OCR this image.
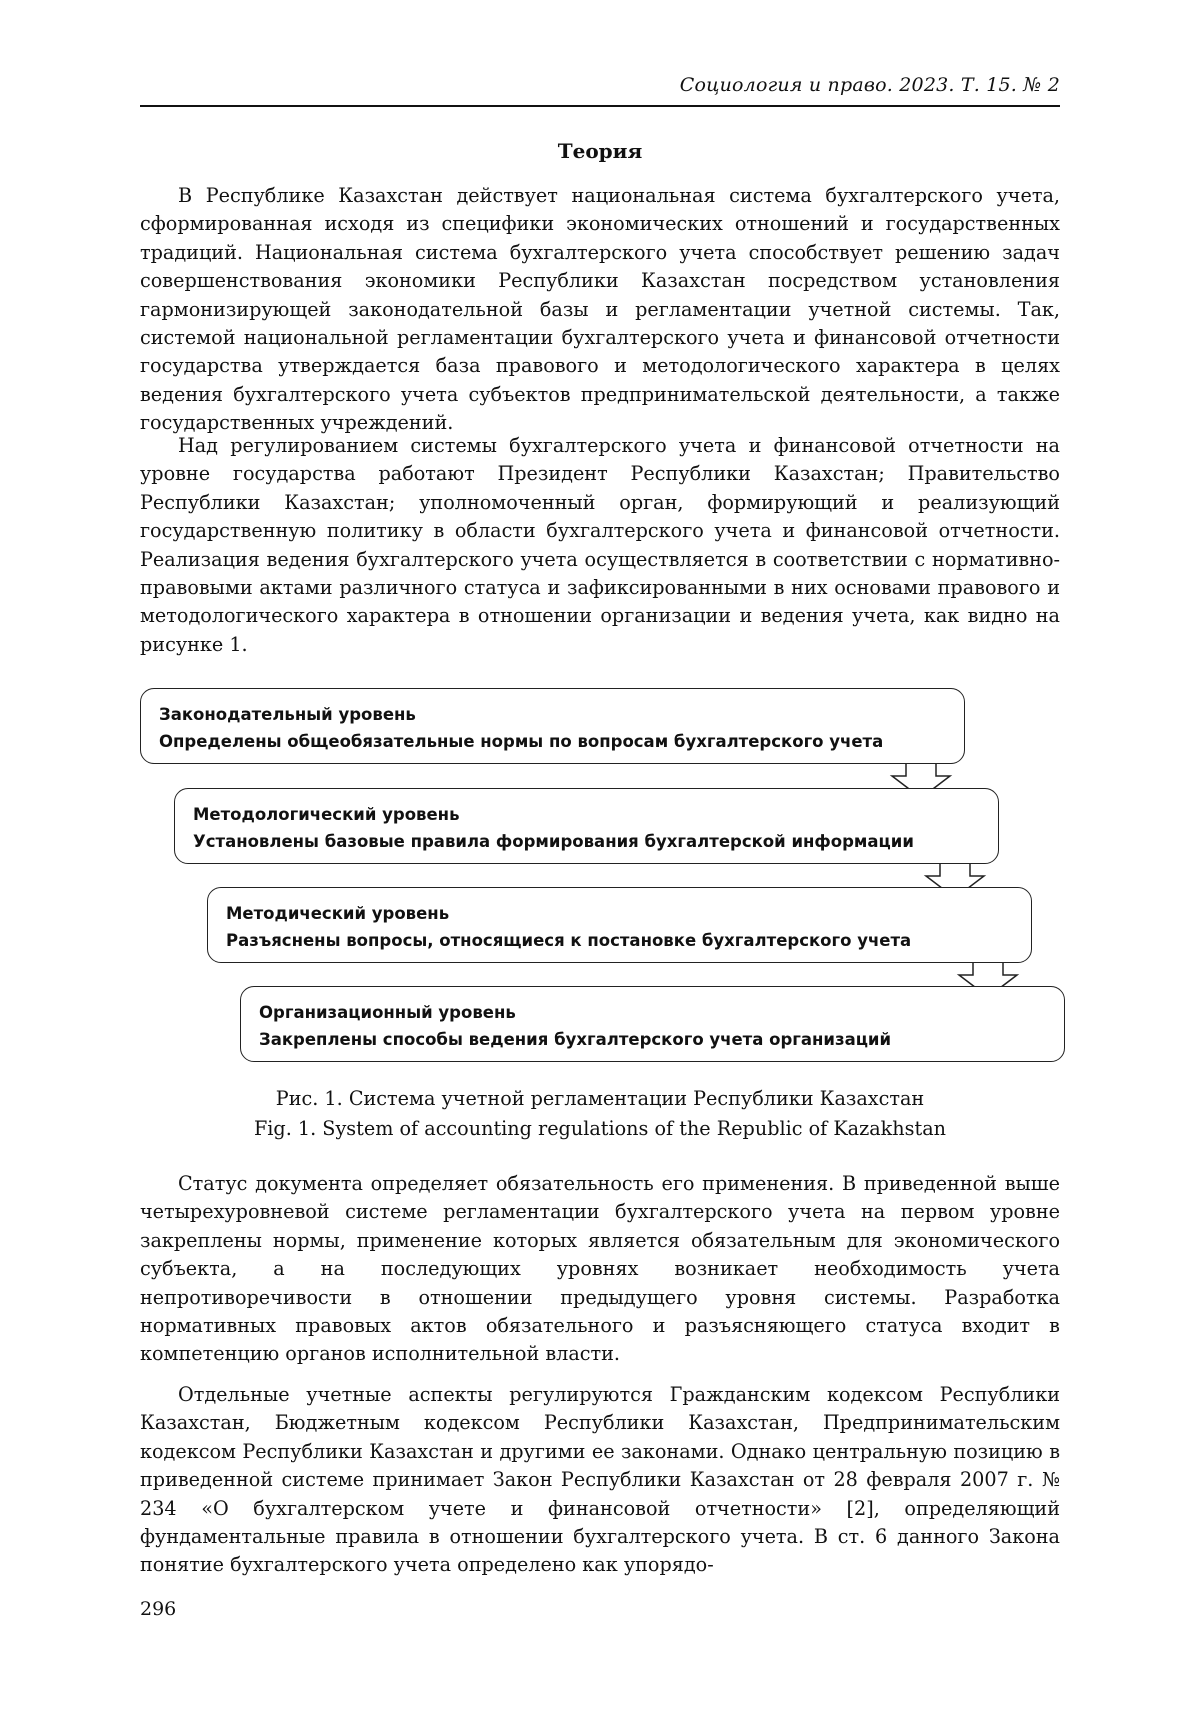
Социология и право. 2023. Т. 15. № 2
Теория

В Республике Казахстан действует национальная система бухгалтерского учета, сформированная исходя из специфики экономических отношений и государственных традиций. Национальная система бухгалтерского учета способствует решению задач совершенствования экономики Республики Казахстан посредством установления гармонизирующей законодательной базы и регламентации учетной системы. Так, системой национальной регламентации бухгалтерского учета и финансовой отчетности государства утверждается база правового и методологического характера в целях ведения бухгалтерского учета субъектов предпринимательской деятельности, а также государственных учреждений.

Над регулированием системы бухгалтерского учета и финансовой отчетности на уровне государства работают Президент Республики Казахстан; Правительство Республики Казахстан; уполномоченный орган, формирующий и реализующий государственную политику в области бухгалтерского учета и финансовой отчетности. Реализация ведения бухгалтерского учета осуществляется в соответствии с нормативно-правовыми актами различного статуса и зафиксированными в них основами правового и методологического характера в отношении организации и ведения учета, как видно на рисунке 1.

Законодательный уровень
Определены общеобязательные нормы по вопросам бухгалтерского учета
Методологический уровень
Установлены базовые правила формирования бухгалтерской информации
Методический уровень
Разъяснены вопросы, относящиеся к постановке бухгалтерского учета
Организационный уровень
Закреплены способы ведения бухгалтерского учета организаций
Рис. 1. Система учетной регламентации Республики Казахстан
Fig. 1. System of accounting regulations of the Republic of Kazakhstan

Статус документа определяет обязательность его применения. В приведенной выше четырехуровневой системе регламентации бухгалтерского учета на первом уровне закреплены нормы, применение которых является обязательным для экономического субъекта, а на последующих уровнях возникает необходимость учета непротиворечивости в отношении предыдущего уровня системы. Разработка нормативных правовых актов обязательного и разъясняющего статуса входит в компетенцию органов исполнительной власти.

Отдельные учетные аспекты регулируются Гражданским кодексом Республики Казахстан, Бюджетным кодексом Республики Казахстан, Предпринимательским кодексом Республики Казахстан и другими ее законами. Однако центральную позицию в приведенной системе принимает Закон Республики Казахстан от 28 февраля 2007 г. № 234 «О бухгалтерском учете и финансовой отчетности» [2], определяющий фундаментальные правила в отношении бухгалтерского учета. В ст. 6 данного Закона понятие бухгалтерского учета определено как упорядо-

296
